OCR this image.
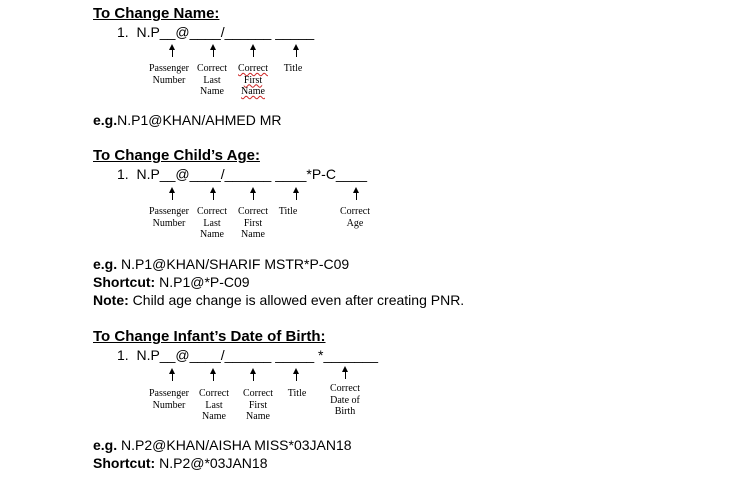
To Change Name:
1. N.P__@____/______ _____
Passenger Number
Correct Last Name
Correct First Name
Title
e.g.N.P1@KHAN/AHMED MR
To Change Child’s Age:
1. N.P__@____/______ ____*P-C____
Passenger Number
Correct Last Name
Correct First Name
Title	Correct Age
e.g. N.P1@KHAN/SHARIF MSTR*P-C09
Shortcut: N.P1@*P-C09
Note: Child age change is allowed even after creating PNR.
To Change Infant’s Date of Birth:
1. N.P__@____/______ _____ *_______
Passenger Number
Correct Last Name
Correct First Name
Title	Correct Date of Birth
e.g. N.P2@KHAN/AISHA MISS*03JAN18
Shortcut: N.P2@*03JAN18
